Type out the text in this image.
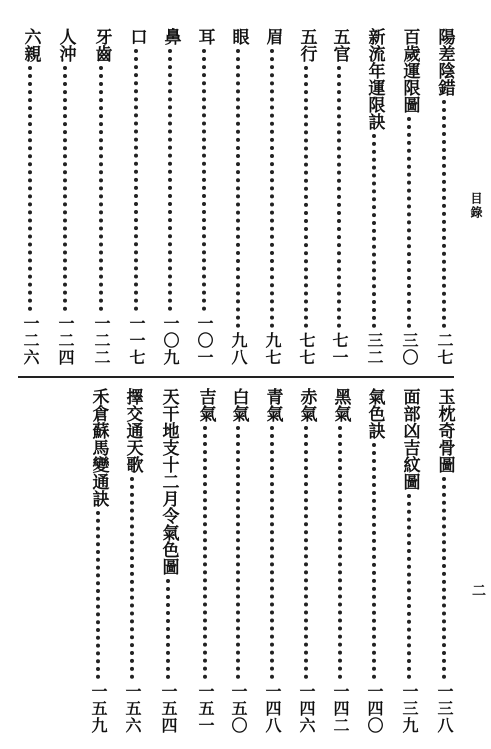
目錄
二
陽差陰錯
二七
百歲運限圖
三〇
新流年運限訣
三二
五官
七一
五行
七七
眉
九七
眼
九八
耳
一〇一
鼻
一〇九
口
一一七
牙齒
一二二
人沖
一二四
六親
一二六
玉枕奇骨圖
一三八
面部凶吉紋圖
一三九
氣色訣
一四〇
黑氣
一四二
赤氣
一四六
青氣
一四八
白氣
一五〇
吉氣
一五一
天干地支十二月令氣色圖
一五四
擇交通天歌
一五六
禾倉蘇馬變通訣
一五九
